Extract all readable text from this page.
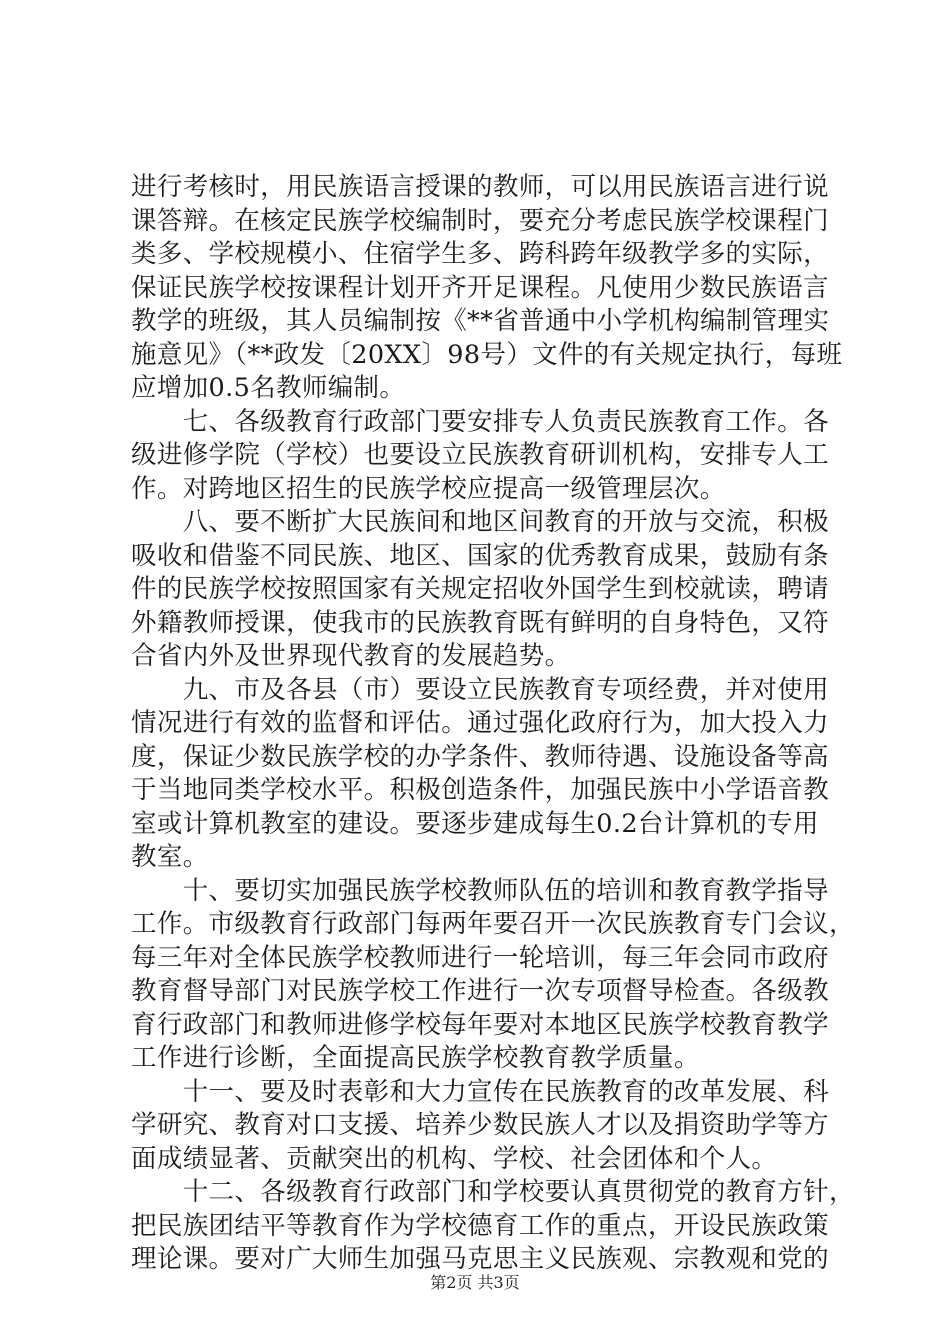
进行考核时，用民族语言授课的教师，可以用民族语言进行说
课答辩。在核定民族学校编制时，要充分考虑民族学校课程门
类多、学校规模小、住宿学生多、跨科跨年级教学多的实际，
保证民族学校按课程计划开齐开足课程。凡使用少数民族语言
教学的班级，其人员编制按《**省普通中小学机构编制管理实
施意见》（**政发〔20XX〕98号）文件的有关规定执行，每班
应增加0.5名教师编制。
　　七、各级教育行政部门要安排专人负责民族教育工作。各
级进修学院（学校）也要设立民族教育研训机构，安排专人工
作。对跨地区招生的民族学校应提高一级管理层次。
　　八、要不断扩大民族间和地区间教育的开放与交流，积极
吸收和借鉴不同民族、地区、国家的优秀教育成果，鼓励有条
件的民族学校按照国家有关规定招收外国学生到校就读，聘请
外籍教师授课，使我市的民族教育既有鲜明的自身特色，又符
合省内外及世界现代教育的发展趋势。
　　九、市及各县（市）要设立民族教育专项经费，并对使用
情况进行有效的监督和评估。通过强化政府行为，加大投入力
度，保证少数民族学校的办学条件、教师待遇、设施设备等高
于当地同类学校水平。积极创造条件，加强民族中小学语音教
室或计算机教室的建设。要逐步建成每生0.2台计算机的专用
教室。
　　十、要切实加强民族学校教师队伍的培训和教育教学指导
工作。市级教育行政部门每两年要召开一次民族教育专门会议，
每三年对全体民族学校教师进行一轮培训，每三年会同市政府
教育督导部门对民族学校工作进行一次专项督导检查。各级教
育行政部门和教师进修学校每年要对本地区民族学校教育教学
工作进行诊断，全面提高民族学校教育教学质量。
　　十一、要及时表彰和大力宣传在民族教育的改革发展、科
学研究、教育对口支援、培养少数民族人才以及捐资助学等方
面成绩显著、贡献突出的机构、学校、社会团体和个人。
　　十二、各级教育行政部门和学校要认真贯彻党的教育方针，
把民族团结平等教育作为学校德育工作的重点，开设民族政策
理论课。要对广大师生加强马克思主义民族观、宗教观和党的
第2页 共3页
